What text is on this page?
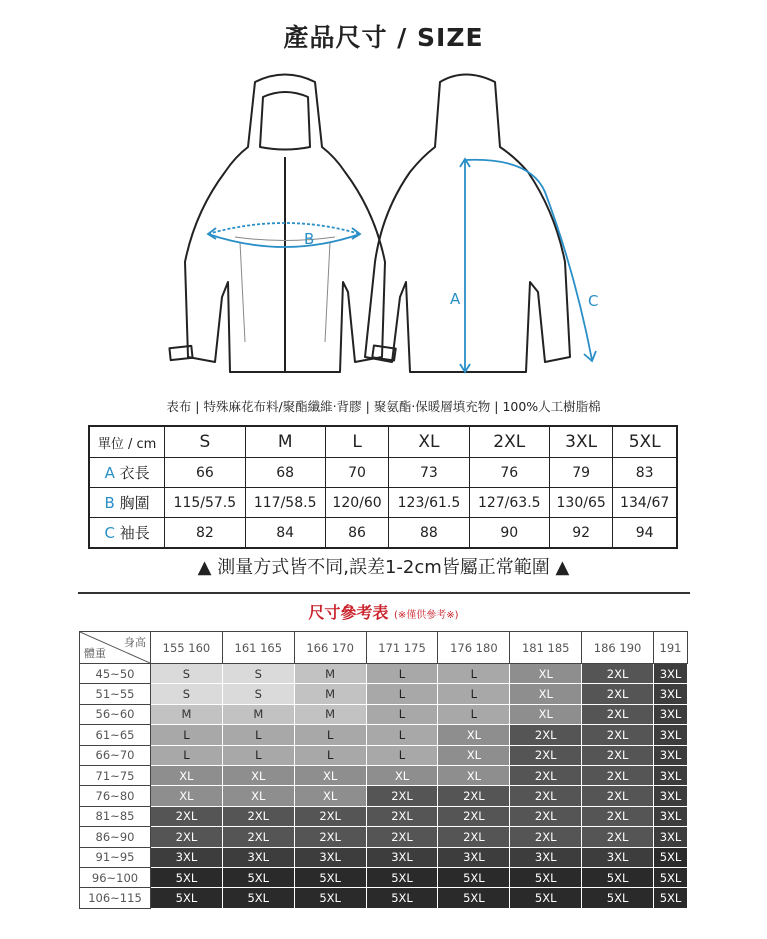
產品尺寸 / SIZE
B
A	C
表布 | 特殊麻花布料/聚酯纖維‧背膠 | 聚氨酯‧保暖層填充物 | 100%人工樹脂棉
單位 / cm	S	M	L	XL	2XL	3XL	5XL
A 衣長	66	68	70	73	76	79	83
B 胸圍	115/57.5	117/58.5	120/60	123/61.5	127/63.5	130/65	134/67
C 袖長	82	84	86	88	90	92	94
▲ 測量方式皆不同,誤差1-2cm皆屬正常範圍 ▲
尺寸參考表 (※僅供參考※)
身高
體重	155 160	161 165	166 170	171 175	176 180	181 185	186 190	191
45~50	S	S	M	L	L	XL	2XL	3XL
51~55	S	S	M	L	L	XL	2XL	3XL
56~60	M	M	M	L	L	XL	2XL	3XL
61~65	L	L	L	L	XL	2XL	2XL	3XL
66~70	L	L	L	L	XL	2XL	2XL	3XL
71~75	XL	XL	XL	XL	XL	2XL	2XL	3XL
76~80	XL	XL	XL	2XL	2XL	2XL	2XL	3XL
81~85	2XL	2XL	2XL	2XL	2XL	2XL	2XL	3XL
86~90	2XL	2XL	2XL	2XL	2XL	2XL	2XL	3XL
91~95	3XL	3XL	3XL	3XL	3XL	3XL	3XL	5XL
96~100	5XL	5XL	5XL	5XL	5XL	5XL	5XL	5XL
106~115	5XL	5XL	5XL	5XL	5XL	5XL	5XL	5XL
